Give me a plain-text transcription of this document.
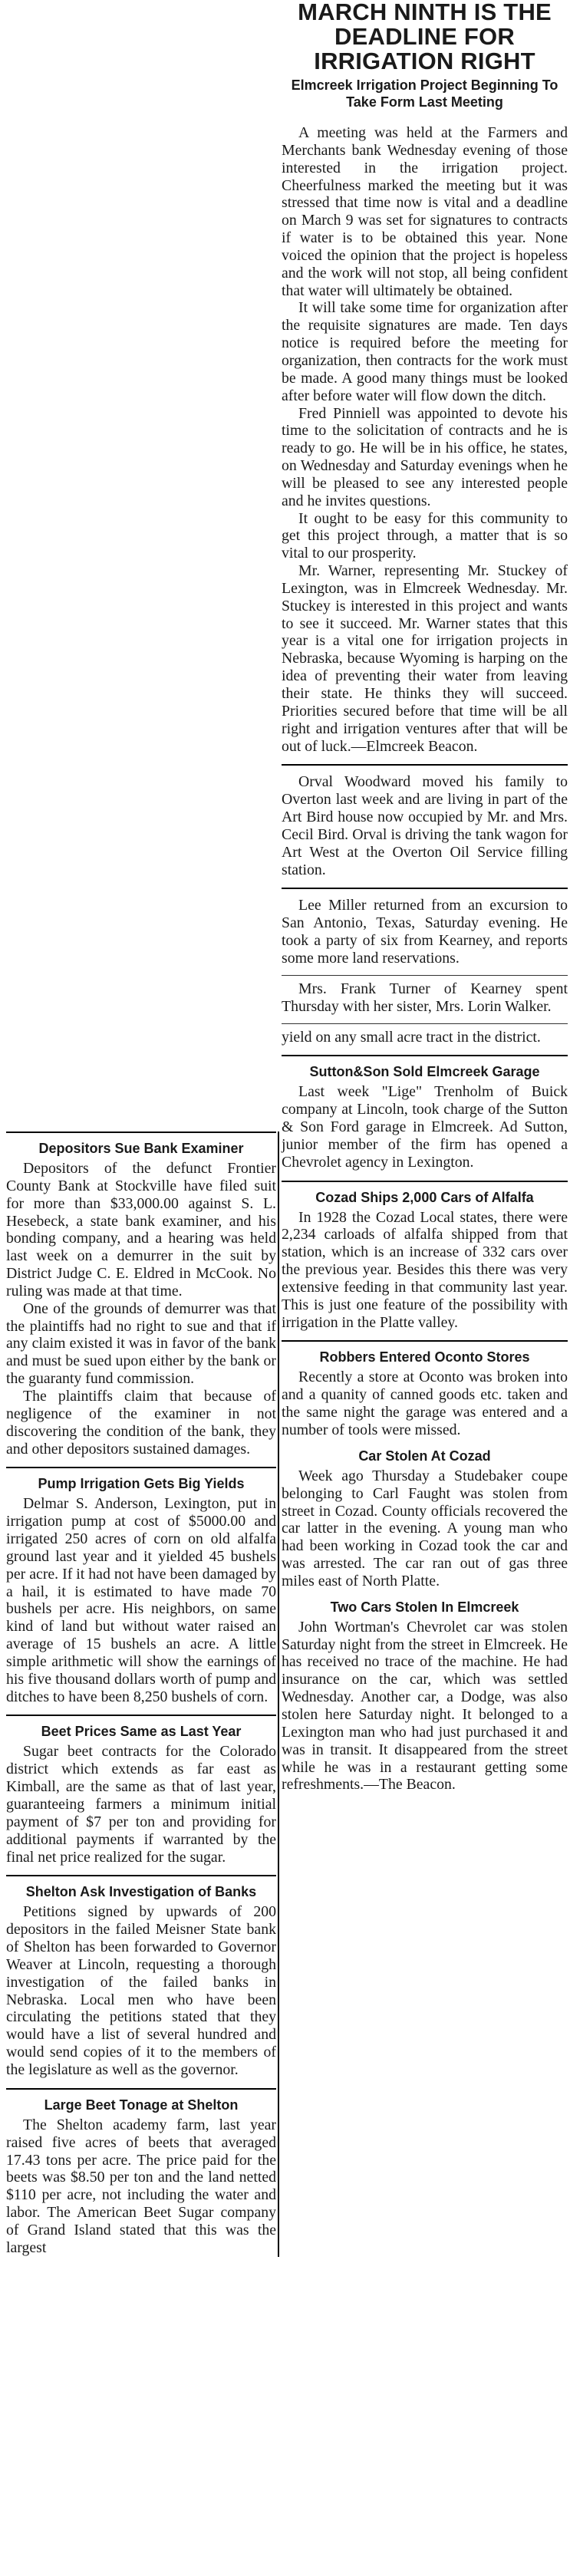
MARCH NINTH IS THE DEADLINE FOR IRRIGATION RIGHT
Elmcreek Irrigation Project Beginning To Take Form Last Meeting

A meeting was held at the Farmers and Merchants bank Wednesday evening of those interested in the irrigation project. Cheerfulness marked the meeting but it was stressed that time now is vital and a deadline on March 9 was set for signatures to contracts if water is to be obtained this year. None voiced the opinion that the project is hopeless and the work will not stop, all being confident that water will ultimately be obtained.

It will take some time for organization after the requisite signatures are made. Ten days notice is required before the meeting for organization, then contracts for the work must be made. A good many things must be looked after before water will flow down the ditch.

Fred Pinniell was appointed to devote his time to the solicitation of contracts and he is ready to go. He will be in his office, he states, on Wednesday and Saturday evenings when he will be pleased to see any interested people and he invites questions.

It ought to be easy for this community to get this project through, a matter that is so vital to our prosperity.

Mr. Warner, representing Mr. Stuckey of Lexington, was in Elmcreek Wednesday. Mr. Stuckey is interested in this project and wants to see it succeed. Mr. Warner states that this year is a vital one for irrigation projects in Nebraska, because Wyoming is harping on the idea of preventing their water from leaving their state. He thinks they will succeed. Priorities secured before that time will be all right and irrigation ventures after that will be out of luck.—Elmcreek Beacon.

Orval Woodward moved his family to Overton last week and are living in part of the Art Bird house now occupied by Mr. and Mrs. Cecil Bird. Orval is driving the tank wagon for Art West at the Overton Oil Service filling station.

Lee Miller returned from an excursion to San Antonio, Texas, Saturday evening. He took a party of six from Kearney, and reports some more land reservations.

Mrs. Frank Turner of Kearney spent Thursday with her sister, Mrs. Lorin Walker.

yield on any small acre tract in the district.

Sutton&Son Sold Elmcreek Garage

Last week "Lige" Trenholm of Buick company at Lincoln, took charge of the Sutton & Son Ford garage in Elmcreek. Ad Sutton, junior member of the firm has opened a Chevrolet agency in Lexington.

Cozad Ships 2,000 Cars of Alfalfa

In 1928 the Cozad Local states, there were 2,234 carloads of alfalfa shipped from that station, which is an increase of 332 cars over the previous year. Besides this there was very extensive feeding in that community last year. This is just one feature of the possibility with irrigation in the Platte valley.

Robbers Entered Oconto Stores

Recently a store at Oconto was broken into and a quanity of canned goods etc. taken and the same night the garage was entered and a number of tools were missed.

Car Stolen At Cozad

Week ago Thursday a Studebaker coupe belonging to Carl Faught was stolen from street in Cozad. County officials recovered the car latter in the evening. A young man who had been working in Cozad took the car and was arrested. The car ran out of gas three miles east of North Platte.

Two Cars Stolen In Elmcreek

John Wortman's Chevrolet car was stolen Saturday night from the street in Elmcreek. He has received no trace of the machine. He had insurance on the car, which was settled Wednesday. Another car, a Dodge, was also stolen here Saturday night. It belonged to a Lexington man who had just purchased it and was in transit. It disappeared from the street while he was in a restaurant getting some refreshments.—The Beacon.

Depositors Sue Bank Examiner

Depositors of the defunct Frontier County Bank at Stockville have filed suit for more than $33,000.00 against S. L. Hesebeck, a state bank examiner, and his bonding company, and a hearing was held last week on a demurrer in the suit by District Judge C. E. Eldred in McCook. No ruling was made at that time.

One of the grounds of demurrer was that the plaintiffs had no right to sue and that if any claim existed it was in favor of the bank and must be sued upon either by the bank or the guaranty fund commission.

The plaintiffs claim that because of negligence of the examiner in not discovering the condition of the bank, they and other depositors sustained damages.

Pump Irrigation Gets Big Yields

Delmar S. Anderson, Lexington, put in irrigation pump at cost of $5000.00 and irrigated 250 acres of corn on old alfalfa ground last year and it yielded 45 bushels per acre. If it had not have been damaged by a hail, it is estimated to have made 70 bushels per acre. His neighbors, on same kind of land but without water raised an average of 15 bushels an acre. A little simple arithmetic will show the earnings of his five thousand dollars worth of pump and ditches to have been 8,250 bushels of corn.

Beet Prices Same as Last Year

Sugar beet contracts for the Colorado district which extends as far east as Kimball, are the same as that of last year, guaranteeing farmers a minimum initial payment of $7 per ton and providing for additional payments if warranted by the final net price realized for the sugar.

Shelton Ask Investigation of Banks

Petitions signed by upwards of 200 depositors in the failed Meisner State bank of Shelton has been forwarded to Governor Weaver at Lincoln, requesting a thorough investigation of the failed banks in Nebraska. Local men who have been circulating the petitions stated that they would have a list of several hundred and would send copies of it to the members of the legislature as well as the governor.

Large Beet Tonage at Shelton

The Shelton academy farm, last year raised five acres of beets that averaged 17.43 tons per acre. The price paid for the beets was $8.50 per ton and the land netted $110 per acre, not including the water and labor. The American Beet Sugar company of Grand Island stated that this was the largest
